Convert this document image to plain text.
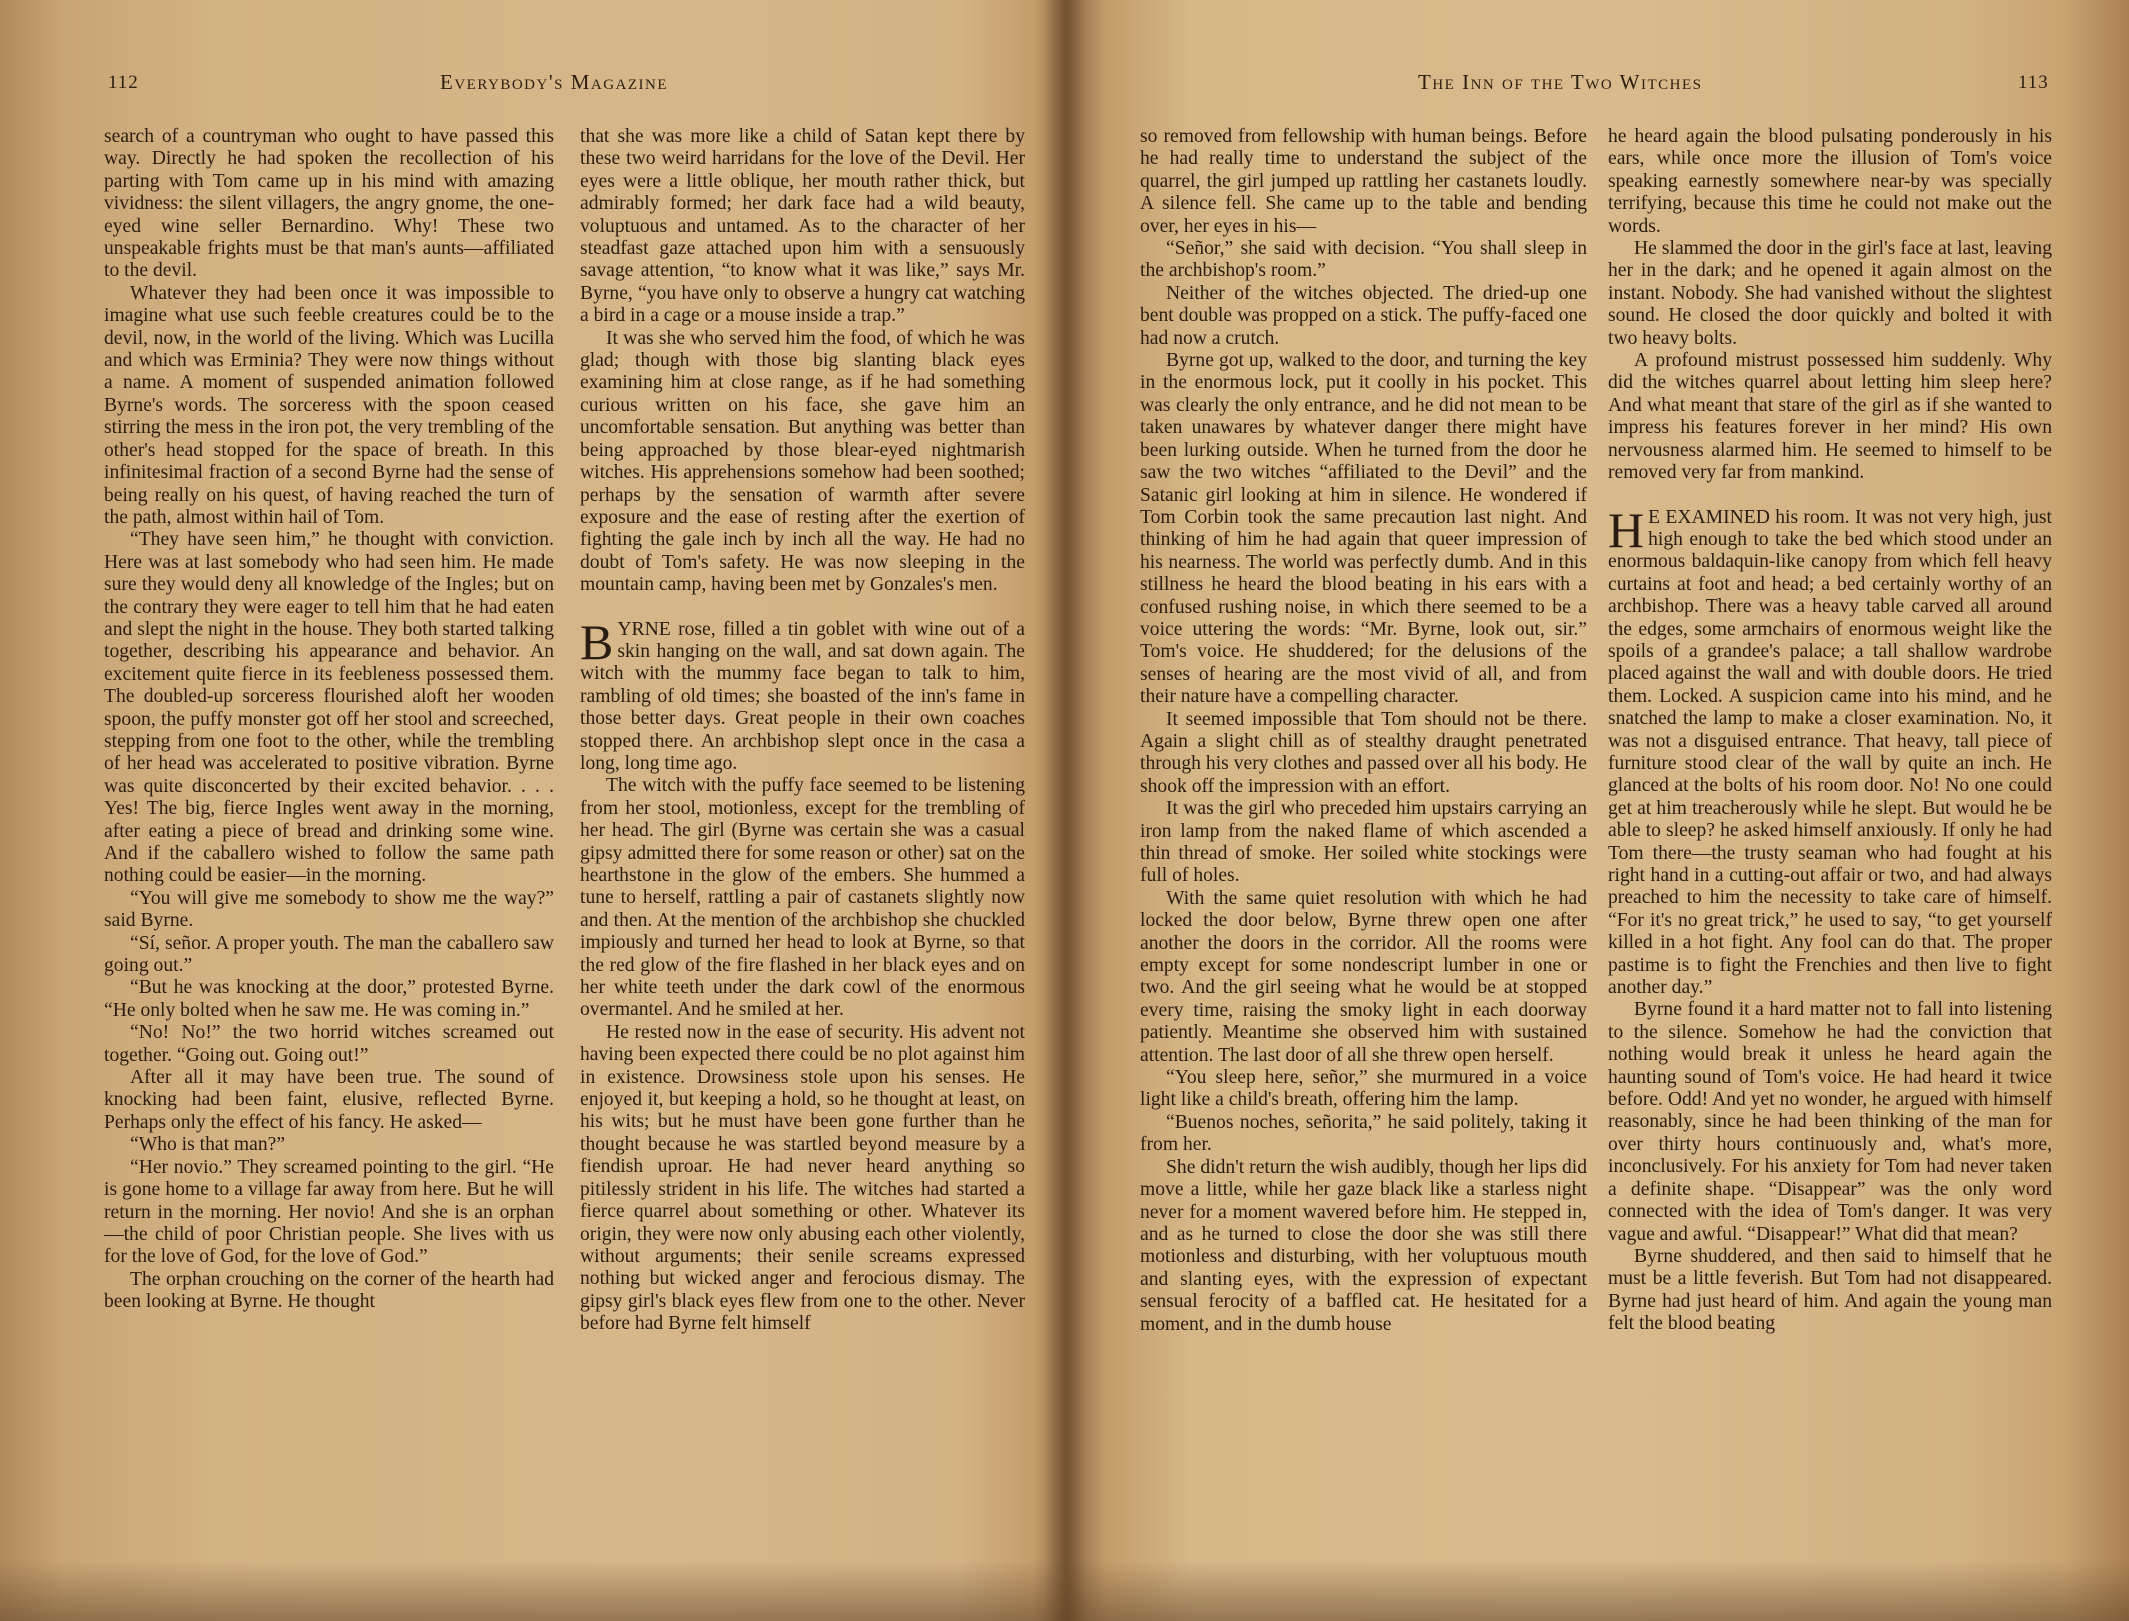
112	Everybody's Magazine

search of a countryman who ought to have passed this way. Directly he had spoken the recollection of his parting with Tom came up in his mind with amazing vividness: the silent villagers, the angry gnome, the one-eyed wine seller Bernardino. Why! These two unspeakable frights must be that man's aunts—affiliated to the devil.

Whatever they had been once it was impossible to imagine what use such feeble creatures could be to the devil, now, in the world of the living. Which was Lucilla and which was Erminia? They were now things without a name. A moment of suspended animation followed Byrne's words. The sorceress with the spoon ceased stirring the mess in the iron pot, the very trembling of the other's head stopped for the space of breath. In this infinitesimal fraction of a second Byrne had the sense of being really on his quest, of having reached the turn of the path, almost within hail of Tom.

“They have seen him,” he thought with conviction. Here was at last somebody who had seen him. He made sure they would deny all knowledge of the Ingles; but on the contrary they were eager to tell him that he had eaten and slept the night in the house. They both started talking together, describing his appearance and behavior. An excitement quite fierce in its feebleness possessed them. The doubled-up sorceress flourished aloft her wooden spoon, the puffy monster got off her stool and screeched, stepping from one foot to the other, while the trembling of her head was accelerated to positive vibration. Byrne was quite disconcerted by their excited behavior. . . . Yes! The big, fierce Ingles went away in the morning, after eating a piece of bread and drinking some wine. And if the caballero wished to follow the same path nothing could be easier—in the morning.

“You will give me somebody to show me the way?” said Byrne.

“Sí, señor. A proper youth. The man the caballero saw going out.”

“But he was knocking at the door,” protested Byrne. “He only bolted when he saw me. He was coming in.”

“No! No!” the two horrid witches screamed out together. “Going out. Going out!”

After all it may have been true. The sound of knocking had been faint, elusive, reflected Byrne. Perhaps only the effect of his fancy. He asked—

“Who is that man?”

“Her novio.” They screamed pointing to the girl. “He is gone home to a village far away from here. But he will return in the morning. Her novio! And she is an orphan—the child of poor Christian people. She lives with us for the love of God, for the love of God.”

The orphan crouching on the corner of the hearth had been looking at Byrne. He thought

that she was more like a child of Satan kept there by these two weird harridans for the love of the Devil. Her eyes were a little oblique, her mouth rather thick, but admirably formed; her dark face had a wild beauty, voluptuous and untamed. As to the character of her steadfast gaze attached upon him with a sensuously savage attention, “to know what it was like,” says Mr. Byrne, “you have only to observe a hungry cat watching a bird in a cage or a mouse inside a trap.”

It was she who served him the food, of which he was glad; though with those big slanting black eyes examining him at close range, as if he had something curious written on his face, she gave him an uncomfortable sensation. But anything was better than being approached by those blear-eyed nightmarish witches. His apprehensions somehow had been soothed; perhaps by the sensation of warmth after severe exposure and the ease of resting after the exertion of fighting the gale inch by inch all the way. He had no doubt of Tom's safety. He was now sleeping in the mountain camp, having been met by Gonzales's men.

BYRNE rose, filled a tin goblet with wine out of a skin hanging on the wall, and sat down again. The witch with the mummy face began to talk to him, rambling of old times; she boasted of the inn's fame in those better days. Great people in their own coaches stopped there. An archbishop slept once in the casa a long, long time ago.

The witch with the puffy face seemed to be listening from her stool, motionless, except for the trembling of her head. The girl (Byrne was certain she was a casual gipsy admitted there for some reason or other) sat on the hearthstone in the glow of the embers. She hummed a tune to herself, rattling a pair of castanets slightly now and then. At the mention of the archbishop she chuckled impiously and turned her head to look at Byrne, so that the red glow of the fire flashed in her black eyes and on her white teeth under the dark cowl of the enormous overmantel. And he smiled at her.

He rested now in the ease of security. His advent not having been expected there could be no plot against him in existence. Drowsiness stole upon his senses. He enjoyed it, but keeping a hold, so he thought at least, on his wits; but he must have been gone further than he thought because he was startled beyond measure by a fiendish uproar. He had never heard anything so pitilessly strident in his life. The witches had started a fierce quarrel about something or other. Whatever its origin, they were now only abusing each other violently, without arguments; their senile screams expressed nothing but wicked anger and ferocious dismay. The gipsy girl's black eyes flew from one to the other. Never before had Byrne felt himself

The Inn of the Two Witches	113

so removed from fellowship with human beings. Before he had really time to understand the subject of the quarrel, the girl jumped up rattling her castanets loudly. A silence fell. She came up to the table and bending over, her eyes in his—

“Señor,” she said with decision. “You shall sleep in the archbishop's room.”

Neither of the witches objected. The dried-up one bent double was propped on a stick. The puffy-faced one had now a crutch.

Byrne got up, walked to the door, and turning the key in the enormous lock, put it coolly in his pocket. This was clearly the only entrance, and he did not mean to be taken unawares by whatever danger there might have been lurking outside. When he turned from the door he saw the two witches “affiliated to the Devil” and the Satanic girl looking at him in silence. He wondered if Tom Corbin took the same precaution last night. And thinking of him he had again that queer impression of his nearness. The world was perfectly dumb. And in this stillness he heard the blood beating in his ears with a confused rushing noise, in which there seemed to be a voice uttering the words: “Mr. Byrne, look out, sir.” Tom's voice. He shuddered; for the delusions of the senses of hearing are the most vivid of all, and from their nature have a compelling character.

It seemed impossible that Tom should not be there. Again a slight chill as of stealthy draught penetrated through his very clothes and passed over all his body. He shook off the impression with an effort.

It was the girl who preceded him upstairs carrying an iron lamp from the naked flame of which ascended a thin thread of smoke. Her soiled white stockings were full of holes.

With the same quiet resolution with which he had locked the door below, Byrne threw open one after another the doors in the corridor. All the rooms were empty except for some nondescript lumber in one or two. And the girl seeing what he would be at stopped every time, raising the smoky light in each doorway patiently. Meantime she observed him with sustained attention. The last door of all she threw open herself.

“You sleep here, señor,” she murmured in a voice light like a child's breath, offering him the lamp.

“Buenos noches, señorita,” he said politely, taking it from her.

She didn't return the wish audibly, though her lips did move a little, while her gaze black like a starless night never for a moment wavered before him. He stepped in, and as he turned to close the door she was still there motionless and disturbing, with her voluptuous mouth and slanting eyes, with the expression of expectant sensual ferocity of a baffled cat. He hesitated for a moment, and in the dumb house

he heard again the blood pulsating ponderously in his ears, while once more the illusion of Tom's voice speaking earnestly somewhere near-by was specially terrifying, because this time he could not make out the words.

He slammed the door in the girl's face at last, leaving her in the dark; and he opened it again almost on the instant. Nobody. She had vanished without the slightest sound. He closed the door quickly and bolted it with two heavy bolts.

A profound mistrust possessed him suddenly. Why did the witches quarrel about letting him sleep here? And what meant that stare of the girl as if she wanted to impress his features forever in her mind? His own nervousness alarmed him. He seemed to himself to be removed very far from mankind.

H E EXAMINED his room. It was not very high, just high enough to take the bed which stood under an enormous baldaquin-like canopy from which fell heavy curtains at foot and head; a bed certainly worthy of an archbishop. There was a heavy table carved all around the edges, some armchairs of enormous weight like the spoils of a grandee's palace; a tall shallow wardrobe placed against the wall and with double doors. He tried them. Locked. A suspicion came into his mind, and he snatched the lamp to make a closer examination. No, it was not a disguised entrance. That heavy, tall piece of furniture stood clear of the wall by quite an inch. He glanced at the bolts of his room door. No! No one could get at him treacherously while he slept. But would he be able to sleep? he asked himself anxiously. If only he had Tom there—the trusty seaman who had fought at his right hand in a cutting-out affair or two, and had always preached to him the necessity to take care of himself. “For it's no great trick,” he used to say, “to get yourself killed in a hot fight. Any fool can do that. The proper pastime is to fight the Frenchies and then live to fight another day.”

Byrne found it a hard matter not to fall into listening to the silence. Somehow he had the conviction that nothing would break it unless he heard again the haunting sound of Tom's voice. He had heard it twice before. Odd! And yet no wonder, he argued with himself reasonably, since he had been thinking of the man for over thirty hours continuously and, what's more, inconclusively. For his anxiety for Tom had never taken a definite shape. “Disappear” was the only word connected with the idea of Tom's danger. It was very vague and awful. “Disappear!” What did that mean?

Byrne shuddered, and then said to himself that he must be a little feverish. But Tom had not disappeared. Byrne had just heard of him. And again the young man felt the blood beating
